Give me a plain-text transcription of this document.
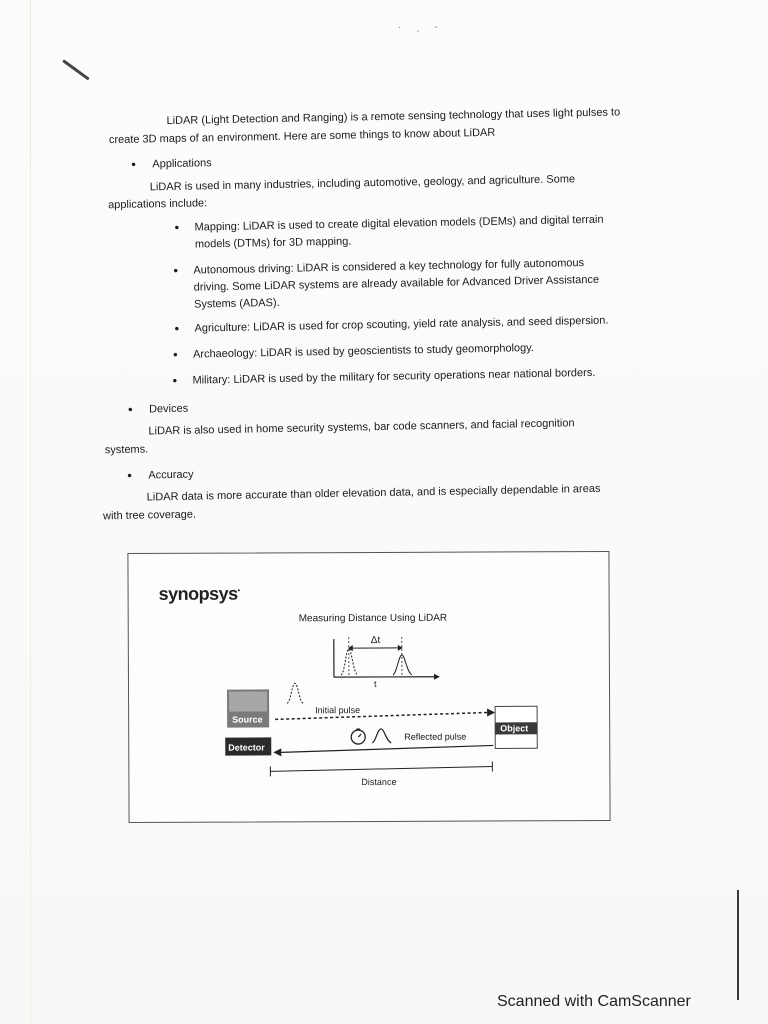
· ˏ -
LiDAR (Light Detection and Ranging) is a remote sensing technology that uses light pulses to
create 3D maps of an environment. Here are some things to know about LiDAR
• Applications
LiDAR is used in many industries, including automotive, geology, and agriculture. Some
applications include:
• Mapping: LiDAR is used to create digital elevation models (DEMs) and digital terrain
models (DTMs) for 3D mapping.
• Autonomous driving: LiDAR is considered a key technology for fully autonomous
driving. Some LiDAR systems are already available for Advanced Driver Assistance
Systems (ADAS).
• Agriculture: LiDAR is used for crop scouting, yield rate analysis, and seed dispersion.
• Archaeology: LiDAR is used by geoscientists to study geomorphology.
• Military: LiDAR is used by the military for security operations near national borders.
• Devices
LiDAR is also used in home security systems, bar code scanners, and facial recognition
systems.
• Accuracy
LiDAR data is more accurate than older elevation data, and is especially dependable in areas
with tree coverage.
synopsys•
Measuring Distance Using LiDAR
Δt
t
Source
Detector
Initial pulse
Object
Reflected pulse
Distance
Scanned with CamScanner
